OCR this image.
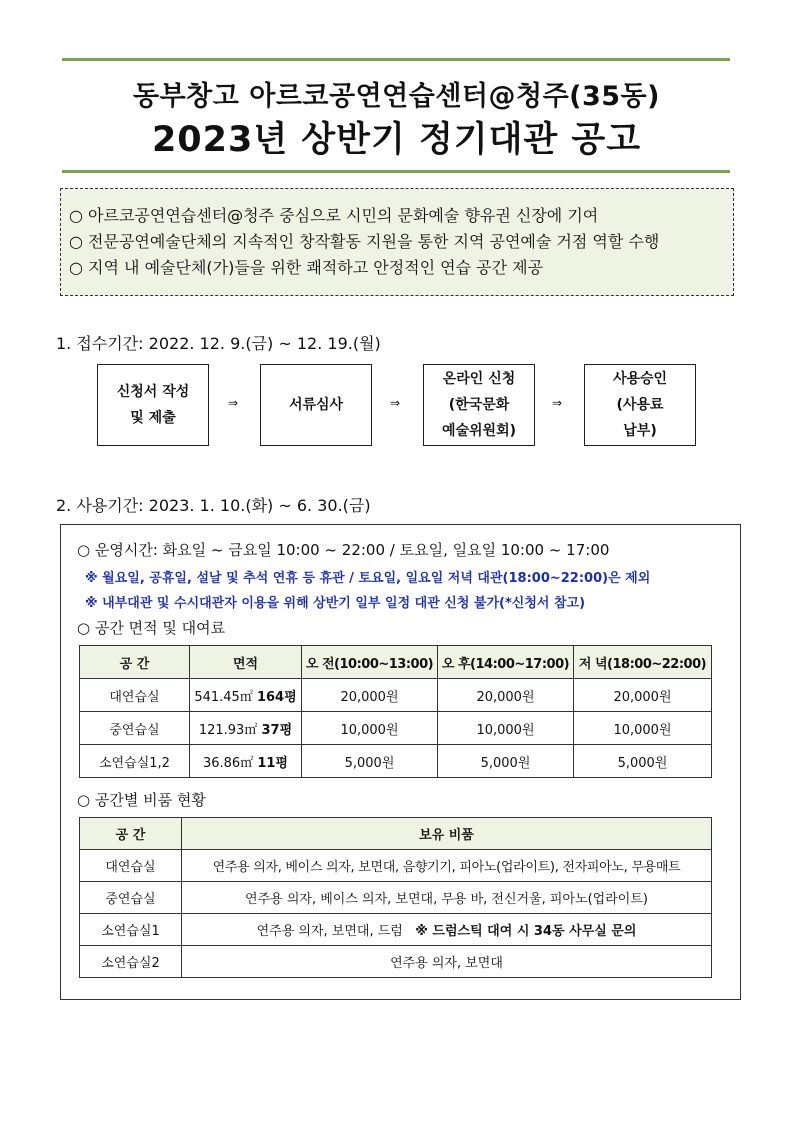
동부창고 아르코공연연습센터@청주(35동)
2023년 상반기 정기대관 공고
○ 아르코공연연습센터@청주 중심으로 시민의 문화예술 향유권 신장에 기여
○ 전문공연예술단체의 지속적인 창작활동 지원을 통한 지역 공연예술 거점 역할 수행
○ 지역 내 예술단체(가)들을 위한 쾌적하고 안정적인 연습 공간 제공
1. 접수기간: 2022. 12. 9.(금) ~ 12. 19.(월)
신청서 작성
및 제출
⇒	서류심사	⇒
온라인 신청
(한국문화
예술위원회)
⇒
사용승인
(사용료
납부)
2. 사용기간: 2023. 1. 10.(화) ~ 6. 30.(금)
○ 운영시간: 화요일 ~ 금요일 10:00 ~ 22:00 / 토요일, 일요일 10:00 ~ 17:00
※ 월요일, 공휴일, 설날 및 추석 연휴 등 휴관 / 토요일, 일요일 저녁 대관(18:00~22:00)은 제외
※ 내부대관 및 수시대관자 이용을 위해 상반기 일부 일정 대관 신청 불가(*신청서 참고)
○ 공간 면적 및 대여료
공 간	면적	오 전(10:00~13:00)	오 후(14:00~17:00)	저 녁(18:00~22:00)
대연습실	541.45㎡ 164평	20,000원	20,000원	20,000원
중연습실	121.93㎡ 37평	10,000원	10,000원	10,000원
소연습실1,2	36.86㎡ 11평	5,000원	5,000원	5,000원
○ 공간별 비품 현황
공 간	보유 비품
대연습실	연주용 의자, 베이스 의자, 보면대, 음향기기, 피아노(업라이트), 전자피아노, 무용매트
중연습실	연주용 의자, 베이스 의자, 보면대, 무용 바, 전신거울, 피아노(업라이트)
소연습실1	연주용 의자, 보면대, 드럼 ※ 드럼스틱 대여 시 34동 사무실 문의
소연습실2	연주용 의자, 보면대
